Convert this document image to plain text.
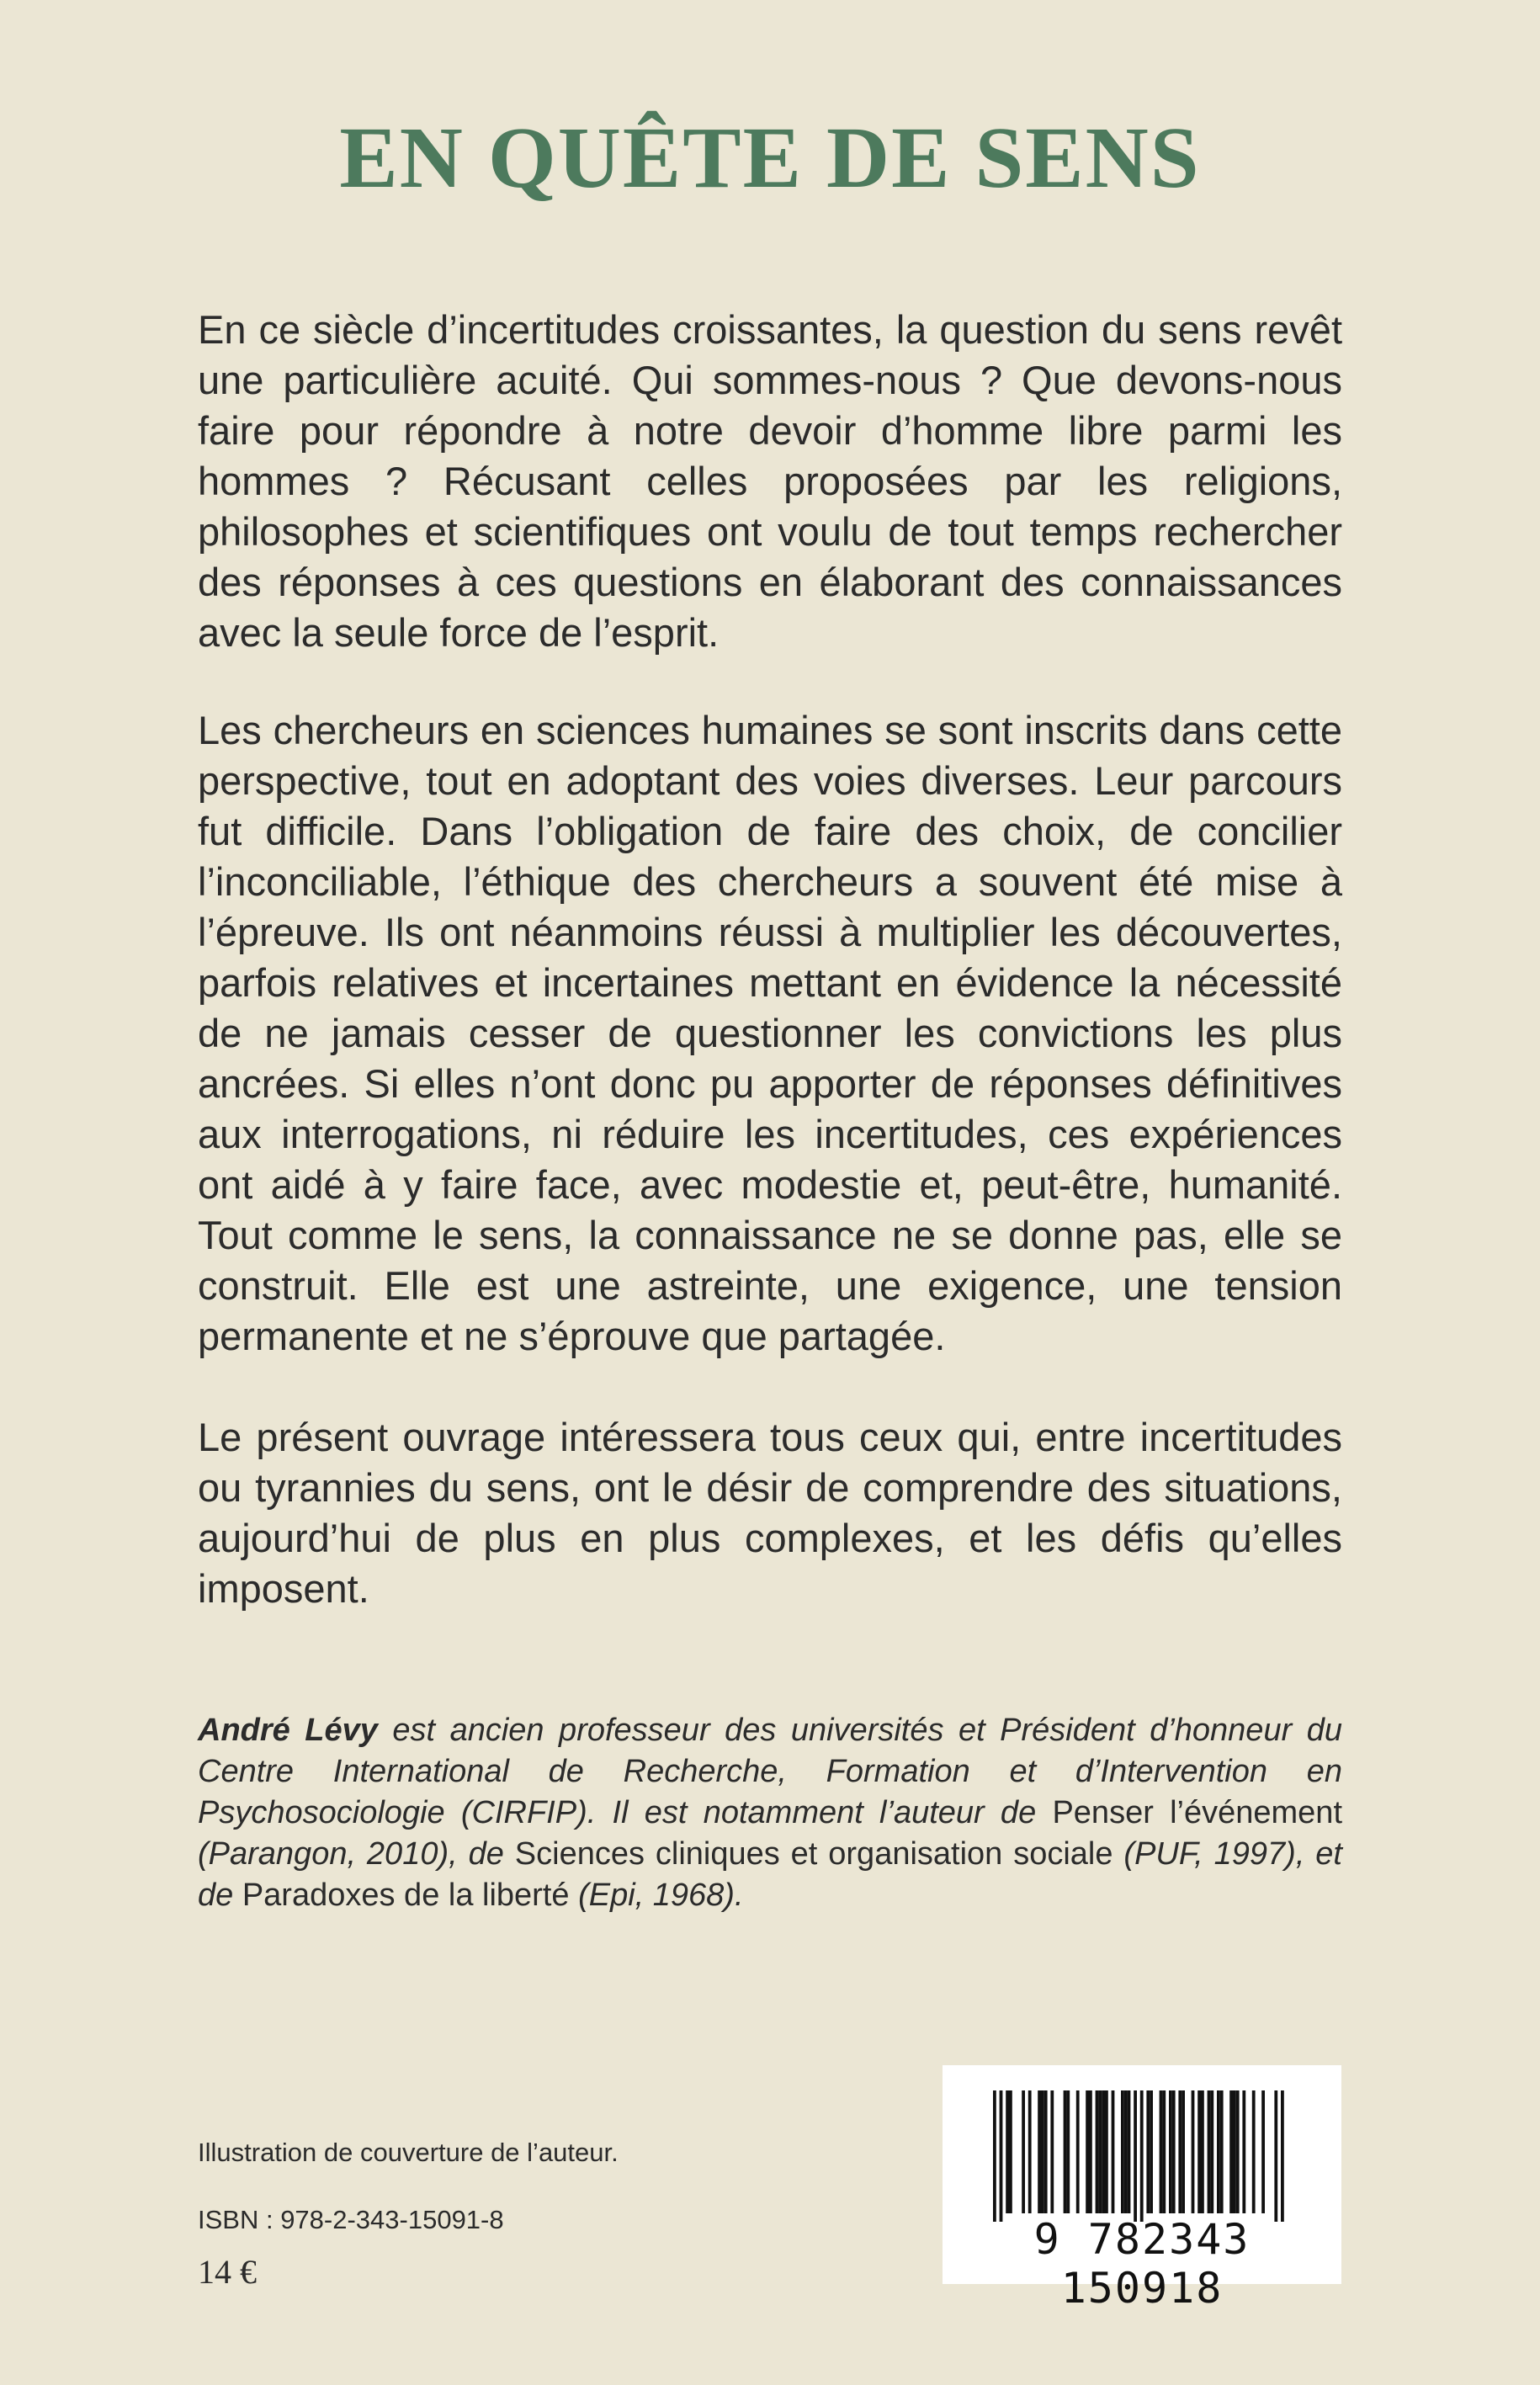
EN QUÊTE DE SENS

En ce siècle d’incertitudes croissantes, la question du sens revêt une particulière acuité. Qui sommes-nous ? Que devons-nous faire pour répondre à notre devoir d’homme libre parmi les hommes ? Récusant celles proposées par les religions, philosophes et scientifiques ont voulu de tout temps rechercher des réponses à ces questions en élaborant des connaissances avec la seule force de l’esprit.

Les chercheurs en sciences humaines se sont inscrits dans cette perspective, tout en adoptant des voies diverses. Leur parcours fut difficile. Dans l’obligation de faire des choix, de concilier l’inconciliable, l’éthique des chercheurs a souvent été mise à l’épreuve. Ils ont néanmoins réussi à multiplier les découvertes, parfois relatives et incertaines mettant en évidence la nécessité de ne jamais cesser de questionner les convictions les plus ancrées. Si elles n’ont donc pu apporter de réponses définitives aux interrogations, ni réduire les incertitudes, ces expériences ont aidé à y faire face, avec modestie et, peut-être, humanité. Tout comme le sens, la connaissance ne se donne pas, elle se construit. Elle est une astreinte, une exigence, une tension permanente et ne s’éprouve que partagée.

Le présent ouvrage intéressera tous ceux qui, entre incertitudes ou tyrannies du sens, ont le désir de comprendre des situations, aujourd’hui de plus en plus complexes, et les défis qu’elles imposent.

André Lévy est ancien professeur des universités et Président d’honneur du Centre International de Recherche, Formation et d’Intervention en Psychosociologie (CIRFIP). Il est notamment l’auteur de Penser l’événement (Parangon, 2010), de Sciences cliniques et organisation sociale (PUF, 1997), et de Paradoxes de la liberté (Epi, 1968).

Illustration de couverture de l’auteur.

ISBN : 978-2-343-15091-8

14 €

9 782343 150918
